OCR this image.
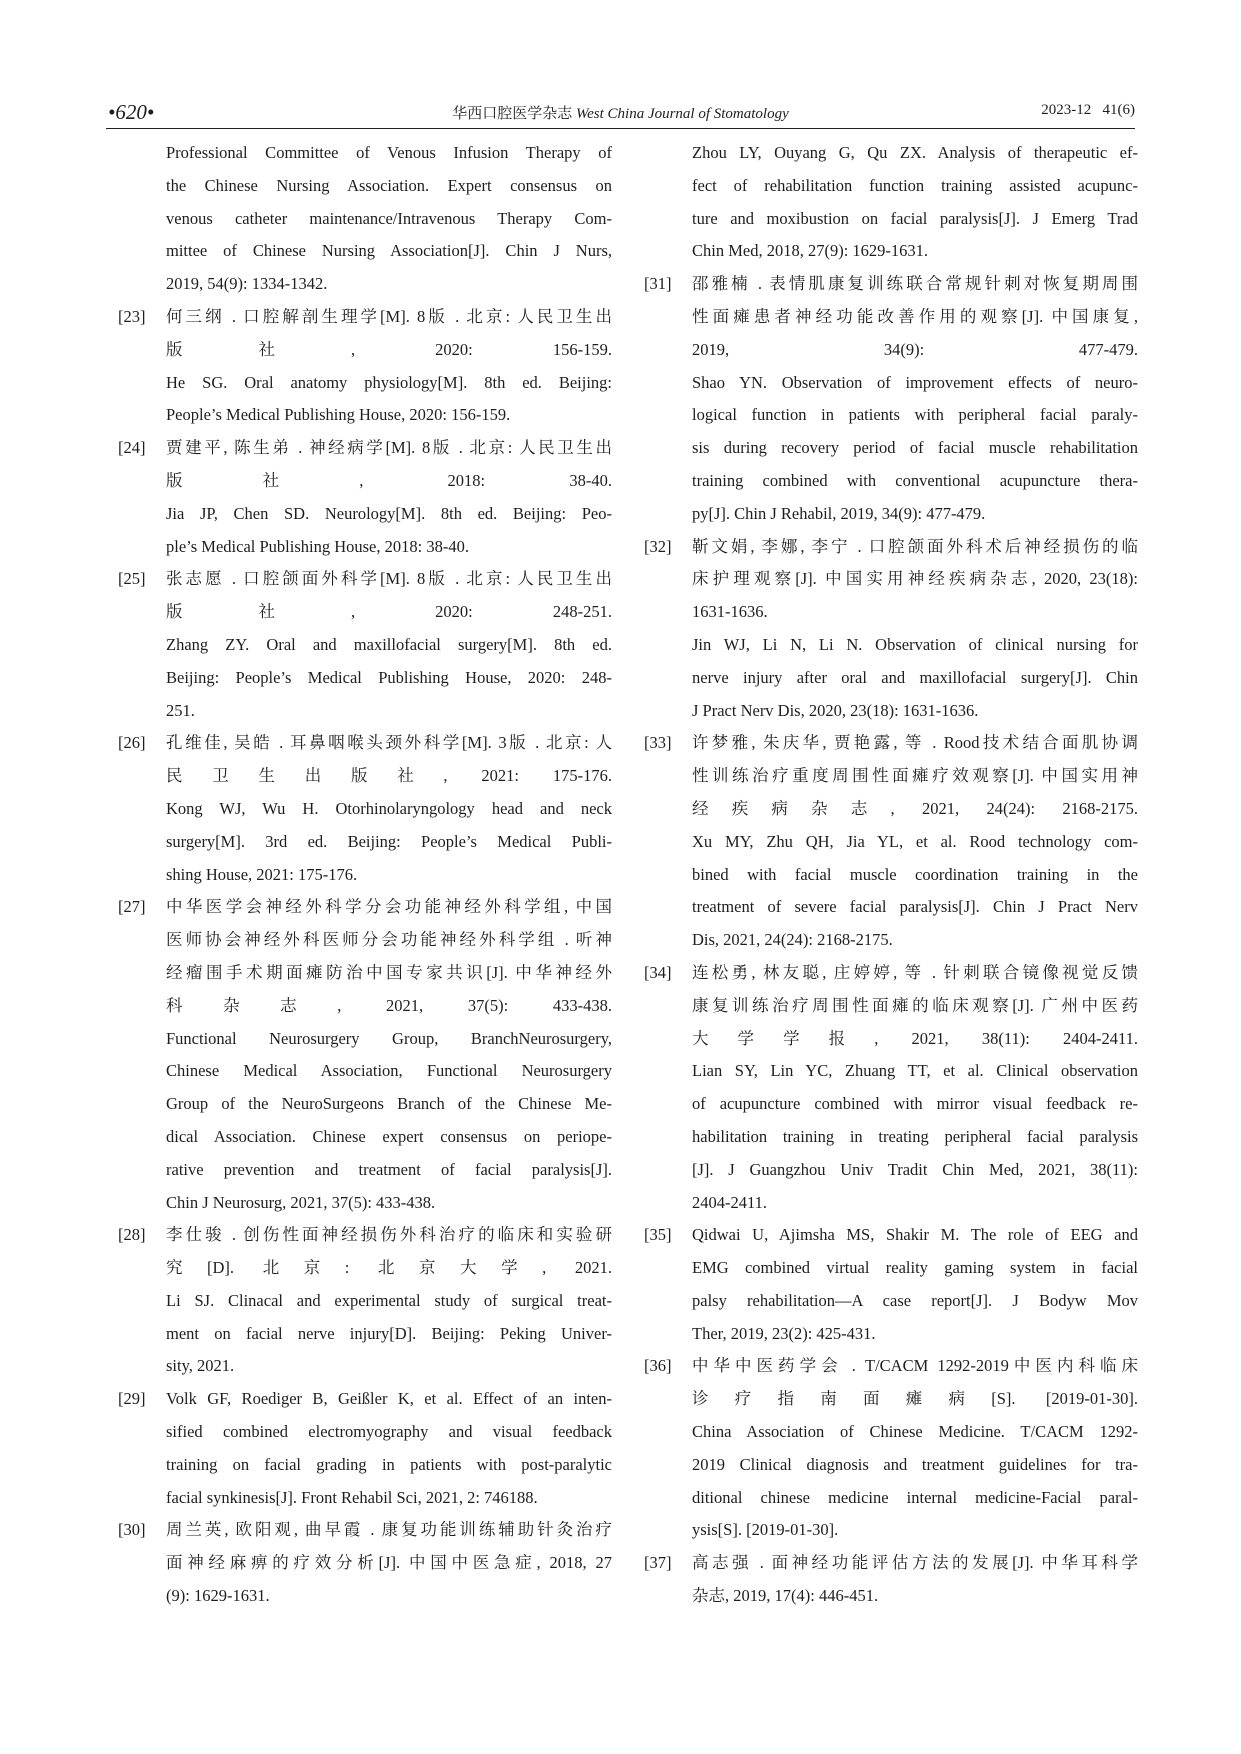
•620•	华西口腔医学杂志 West China Journal of Stomatology	2023-12   41(6)
Professional Committee of Venous Infusion Therapy of
the Chinese Nursing Association. Expert consensus on
venous catheter maintenance/Intravenous Therapy Com-
mittee of Chinese Nursing Association[J]. Chin J Nurs,
2019, 54(9): 1334-1342.
[23]	何三纲 . 口腔解剖生理学[M]. 8版 . 北京: 人民卫生出
版社, 2020: 156-159.
He SG. Oral anatomy physiology[M]. 8th ed. Beijing:
People’s Medical Publishing House, 2020: 156-159.
[24]	贾建平, 陈生弟 . 神经病学[M]. 8版 . 北京: 人民卫生出
版社, 2018: 38-40.
Jia JP, Chen SD. Neurology[M]. 8th ed. Beijing: Peo-
ple’s Medical Publishing House, 2018: 38-40.
[25]	张志愿 . 口腔颌面外科学[M]. 8版 . 北京: 人民卫生出
版社, 2020: 248-251.
Zhang ZY. Oral and maxillofacial surgery[M]. 8th ed.
Beijing: People’s Medical Publishing House, 2020: 248-
251.
[26]	孔维佳, 吴皓 . 耳鼻咽喉头颈外科学[M]. 3版 . 北京: 人
民卫生出版社, 2021: 175-176.
Kong WJ, Wu H. Otorhinolaryngology head and neck
surgery[M]. 3rd ed. Beijing: People’s Medical Publi-
shing House, 2021: 175-176.
[27]	中华医学会神经外科学分会功能神经外科学组, 中国
医师协会神经外科医师分会功能神经外科学组 . 听神
经瘤围手术期面瘫防治中国专家共识[J]. 中华神经外
科杂志, 2021, 37(5): 433-438.
Functional Neurosurgery Group, BranchNeurosurgery,
Chinese Medical Association, Functional Neurosurgery
Group of the NeuroSurgeons Branch of the Chinese Me-
dical Association. Chinese expert consensus on periope-
rative prevention and treatment of facial paralysis[J].
Chin J Neurosurg, 2021, 37(5): 433-438.
[28]	李仕骏 . 创伤性面神经损伤外科治疗的临床和实验研
究[D]. 北京: 北京大学, 2021.
Li SJ. Clinacal and experimental study of surgical treat-
ment on facial nerve injury[D]. Beijing: Peking Univer-
sity, 2021.
[29]	Volk GF, Roediger B, Geißler K, et al. Effect of an inten-
sified combined electromyography and visual feedback
training on facial grading in patients with post-paralytic
facial synkinesis[J]. Front Rehabil Sci, 2021, 2: 746188.
[30]	周兰英, 欧阳观, 曲早霞 . 康复功能训练辅助针灸治疗
面神经麻痹的疗效分析[J]. 中国中医急症, 2018, 27
(9): 1629-1631.
Zhou LY, Ouyang G, Qu ZX. Analysis of therapeutic ef-
fect of rehabilitation function training assisted acupunc-
ture and moxibustion on facial paralysis[J]. J Emerg Trad
Chin Med, 2018, 27(9): 1629-1631.
[31]	邵雅楠 . 表情肌康复训练联合常规针刺对恢复期周围
性面瘫患者神经功能改善作用的观察[J]. 中国康复,
2019, 34(9): 477-479.
Shao YN. Observation of improvement effects of neuro-
logical function in patients with peripheral facial paraly-
sis during recovery period of facial muscle rehabilitation
training combined with conventional acupuncture thera-
py[J]. Chin J Rehabil, 2019, 34(9): 477-479.
[32]	靳文娟, 李娜, 李宁 . 口腔颌面外科术后神经损伤的临
床护理观察[J]. 中国实用神经疾病杂志, 2020, 23(18):
1631-1636.
Jin WJ, Li N, Li N. Observation of clinical nursing for
nerve injury after oral and maxillofacial surgery[J]. Chin
J Pract Nerv Dis, 2020, 23(18): 1631-1636.
[33]	许梦雅, 朱庆华, 贾艳露, 等 . Rood技术结合面肌协调
性训练治疗重度周围性面瘫疗效观察[J]. 中国实用神
经疾病杂志, 2021, 24(24): 2168-2175.
Xu MY, Zhu QH, Jia YL, et al. Rood technology com-
bined with facial muscle coordination training in the
treatment of severe facial paralysis[J]. Chin J Pract Nerv
Dis, 2021, 24(24): 2168-2175.
[34]	连松勇, 林友聪, 庄婷婷, 等 . 针刺联合镜像视觉反馈
康复训练治疗周围性面瘫的临床观察[J]. 广州中医药
大学学报, 2021, 38(11): 2404-2411.
Lian SY, Lin YC, Zhuang TT, et al. Clinical observation
of acupuncture combined with mirror visual feedback re-
habilitation training in treating peripheral facial paralysis
[J]. J Guangzhou Univ Tradit Chin Med, 2021, 38(11):
2404-2411.
[35]	Qidwai U, Ajimsha MS, Shakir M. The role of EEG and
EMG combined virtual reality gaming system in facial
palsy rehabilitation—A case report[J]. J Bodyw Mov
Ther, 2019, 23(2): 425-431.
[36]	中华中医药学会 . T/CACM 1292-2019中医内科临床
诊疗指南面瘫病[S]. [2019-01-30].
China Association of Chinese Medicine. T/CACM 1292-
2019 Clinical diagnosis and treatment guidelines for tra-
ditional chinese medicine internal medicine-Facial paral-
ysis[S]. [2019-01-30].
[37]	高志强 . 面神经功能评估方法的发展[J]. 中华耳科学
杂志, 2019, 17(4): 446-451.
